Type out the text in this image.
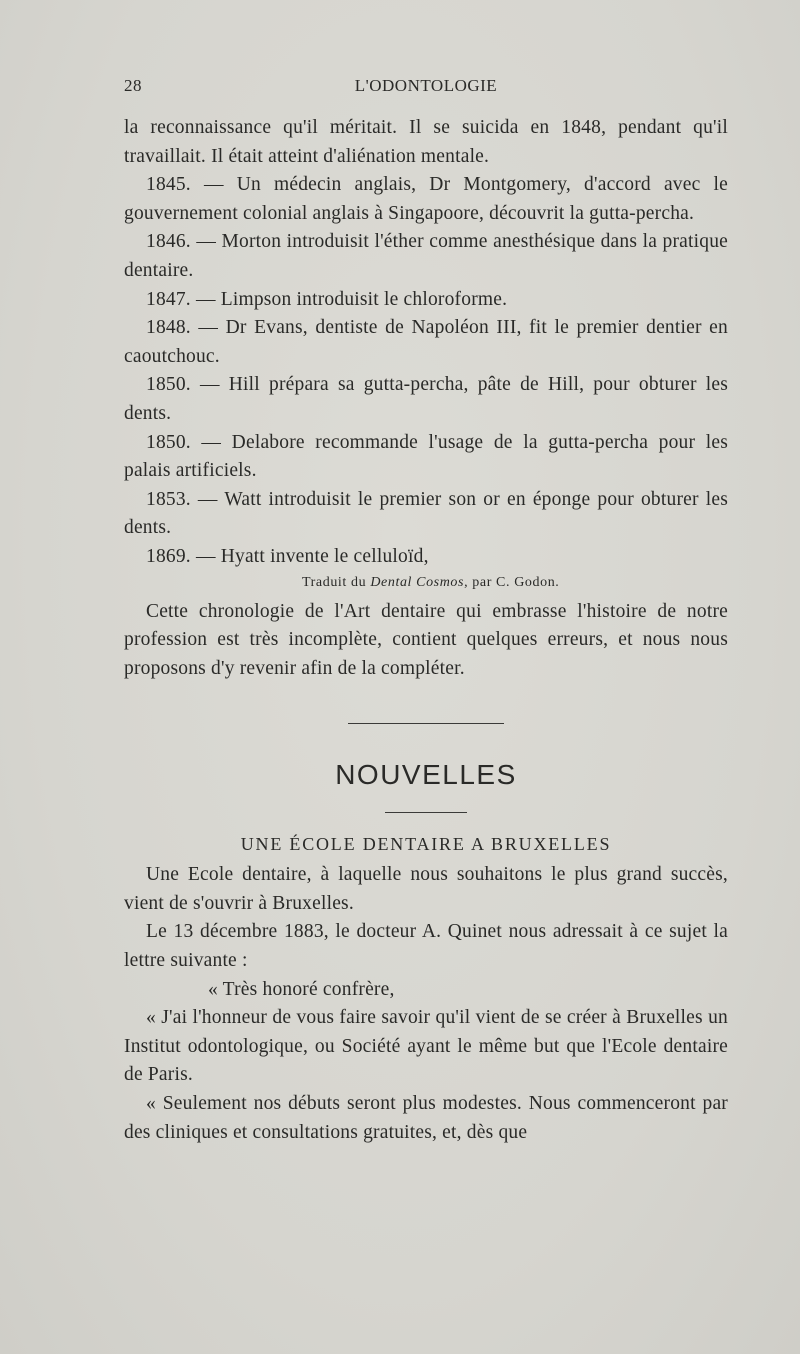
28	L'ODONTOLOGIE

la reconnaissance qu'il méritait. Il se suicida en 1848, pendant qu'il travaillait. Il était atteint d'aliénation mentale.

1845. — Un médecin anglais, Dr Montgomery, d'accord avec le gouvernement colonial anglais à Singapoore, découvrit la gutta-percha.

1846. — Morton introduisit l'éther comme anesthésique dans la pratique dentaire.

1847. — Limpson introduisit le chloroforme.

1848. — Dr Evans, dentiste de Napoléon III, fit le premier dentier en caoutchouc.

1850. — Hill prépara sa gutta-percha, pâte de Hill, pour obturer les dents.

1850. — Delabore recommande l'usage de la gutta-percha pour les palais artificiels.

1853. — Watt introduisit le premier son or en éponge pour obturer les dents.

1869. — Hyatt invente le celluloïd,

Traduit du Dental Cosmos, par C. Godon.

Cette chronologie de l'Art dentaire qui embrasse l'histoire de notre profession est très incomplète, contient quelques erreurs, et nous nous proposons d'y revenir afin de la compléter.

NOUVELLES
UNE ÉCOLE DENTAIRE A BRUXELLES

Une Ecole dentaire, à laquelle nous souhaitons le plus grand succès, vient de s'ouvrir à Bruxelles.

Le 13 décembre 1883, le docteur A. Quinet nous adressait à ce sujet la lettre suivante :

« Très honoré confrère,

« J'ai l'honneur de vous faire savoir qu'il vient de se créer à Bruxelles un Institut odontologique, ou Société ayant le même but que l'Ecole dentaire de Paris.

« Seulement nos débuts seront plus modestes. Nous commenceront par des cliniques et consultations gratuites, et, dès que
